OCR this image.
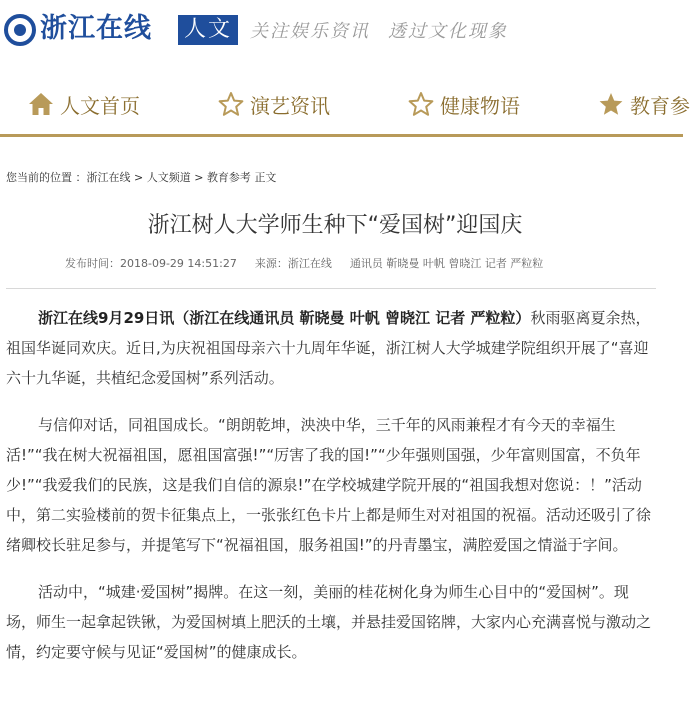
浙江在线 人文	关注娱乐资讯 透过文化现象
人文首页	演艺资讯	健康物语	教育参
您当前的位置 ：浙江在线 > 人文频道 > 教育参考 正文
浙江树人大学师生种下“爱国树”迎国庆
发布时间：2018-09-29 14:51:27 来源：浙江在线 通讯员 靳晓曼 叶帆 曾晓江 记者 严粒粒

浙江在线9月29日讯（浙江在线通讯员 靳晓曼 叶帆 曾晓江 记者 严粒粒）秋雨驱离夏余热，祖国华诞同欢庆。近日,为庆祝祖国母亲六十九周年华诞，浙江树人大学城建学院组织开展了“喜迎六十九华诞，共植纪念爱国树”系列活动。

与信仰对话，同祖国成长。“朗朗乾坤，泱泱中华，三千年的风雨兼程才有今天的幸福生活!”“我在树大祝福祖国，愿祖国富强!”“厉害了我的国!”“少年强则国强，少年富则国富，不负年少!”“我爱我们的民族，这是我们自信的源泉!”在学校城建学院开展的“祖国我想对您说：！”活动中，第二实验楼前的贺卡征集点上，一张张红色卡片上都是师生对对祖国的祝福。活动还吸引了徐绪卿校长驻足参与，并提笔写下“祝福祖国，服务祖国!”的丹青墨宝，满腔爱国之情溢于字间。

活动中，“城建·爱国树”揭牌。在这一刻，美丽的桂花树化身为师生心目中的“爱国树”。现场，师生一起拿起铁锹，为爱国树填上肥沃的土壤，并悬挂爱国铭牌，大家内心充满喜悦与激动之情，约定要守候与见证“爱国树”的健康成长。
